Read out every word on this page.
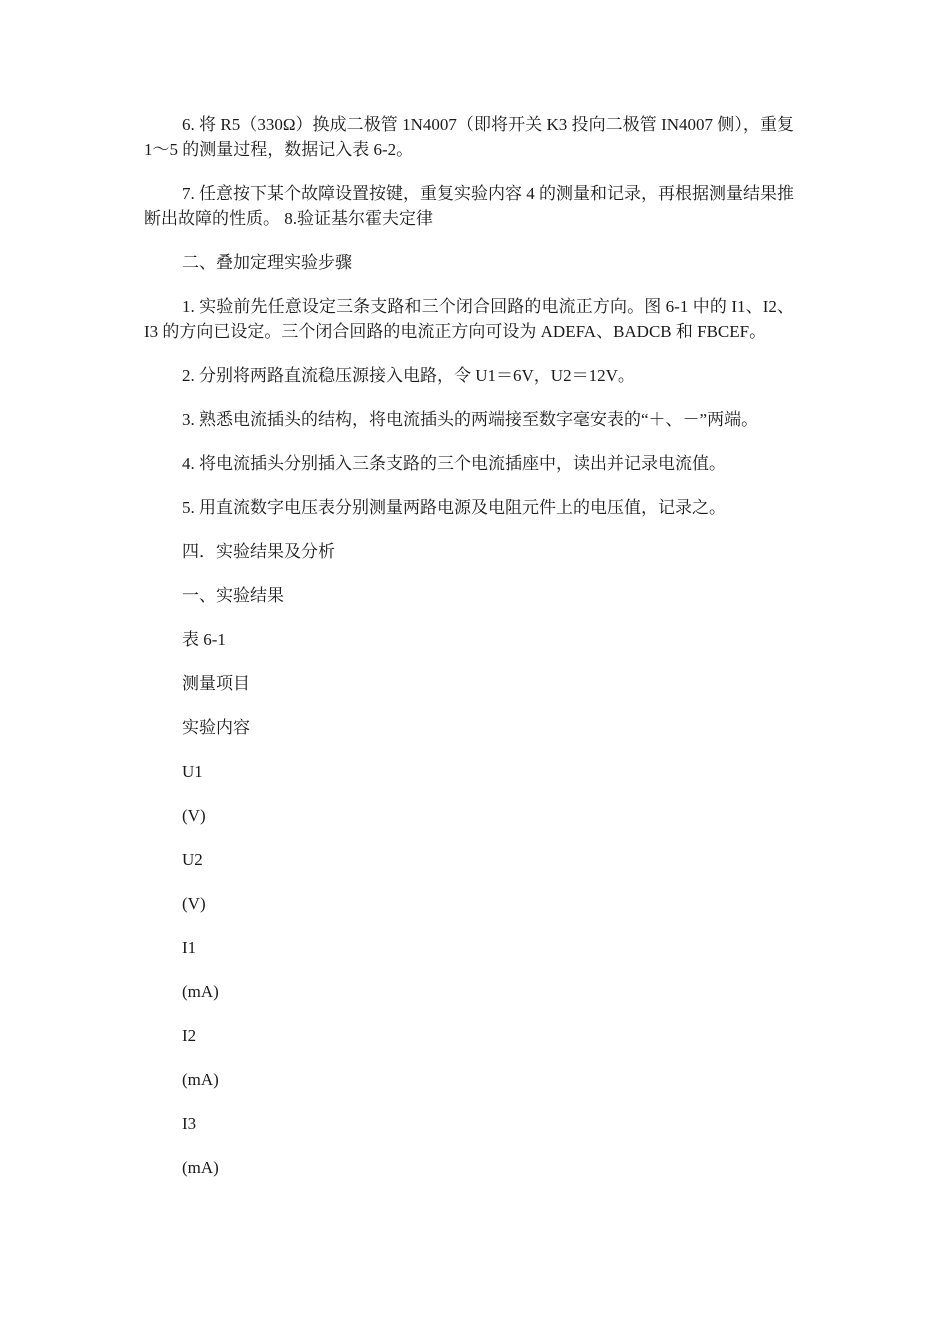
6. 将 R5（330Ω）换成二极管 1N4007（即将开关 K3 投向二极管 IN4007 侧），重复 1～5 的测量过程，数据记入表 6-2。

7. 任意按下某个故障设置按键，重复实验内容 4 的测量和记录，再根据测量结果推断出故障的性质。 8.验证基尔霍夫定律

二、叠加定理实验步骤

1. 实验前先任意设定三条支路和三个闭合回路的电流正方向。图 6-1 中的 I1、I2、I3 的方向已设定。三个闭合回路的电流正方向可设为 ADEFA、BADCB 和 FBCEF。

2. 分别将两路直流稳压源接入电路，令 U1＝6V，U2＝12V。

3. 熟悉电流插头的结构，将电流插头的两端接至数字毫安表的“＋、－”两端。

4. 将电流插头分别插入三条支路的三个电流插座中，读出并记录电流值。

5. 用直流数字电压表分别测量两路电源及电阻元件上的电压值，记录之。

四．实验结果及分析

一、实验结果

表 6-1

测量项目

实验内容

U1

(V)

U2

(V)

I1

(mA)

I2

(mA)

I3

(mA)
